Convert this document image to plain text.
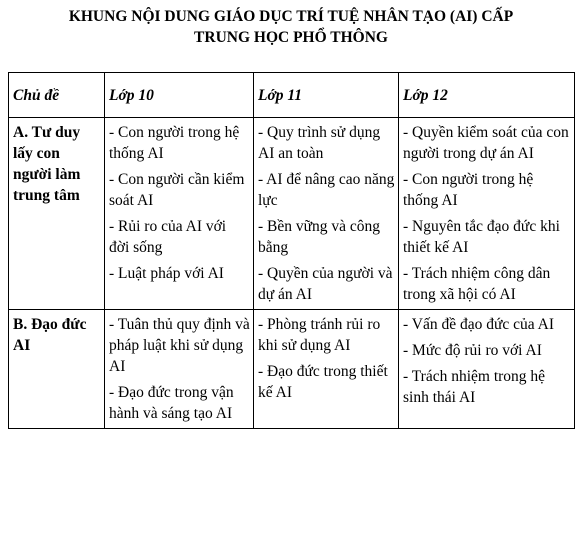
KHUNG NỘI DUNG GIÁO DỤC TRÍ TUỆ NHÂN TẠO (AI) CẤP
TRUNG HỌC PHỔ THÔNG
Chủ đề	Lớp 10	Lớp 11	Lớp 12
A. Tư duy lấy con người làm trung tâm	- Con người trong hệ thống AI
- Con người cần kiểm soát AI
- Rủi ro của AI với đời sống
- Luật pháp với AI	- Quy trình sử dụng AI an toàn
- AI để nâng cao năng lực
- Bền vững và công bằng
- Quyền của người và dự án AI	- Quyền kiểm soát của con người trong dự án AI
- Con người trong hệ thống AI
- Nguyên tắc đạo đức khi thiết kế AI
- Trách nhiệm công dân trong xã hội có AI

B. Đạo đức AI	- Tuân thủ quy định và pháp luật khi sử dụng AI
- Đạo đức trong vận hành và sáng tạo AI	- Phòng tránh rủi ro khi sử dụng AI
- Đạo đức trong thiết kế AI	- Vấn đề đạo đức của AI
- Mức độ rủi ro với AI
- Trách nhiệm trong hệ sinh thái AI
